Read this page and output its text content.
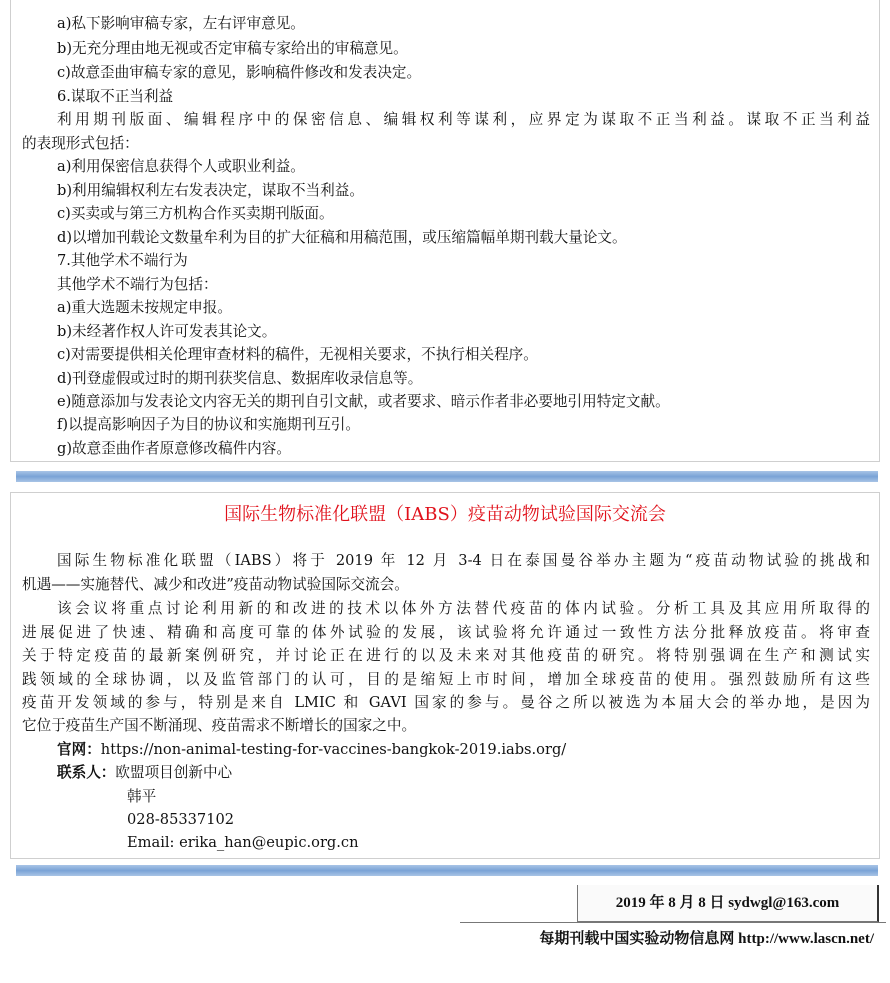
a)私下影响审稿专家，左右评审意见。
b)无充分理由地无视或否定审稿专家给出的审稿意见。
c)故意歪曲审稿专家的意见，影响稿件修改和发表决定。
6.谋取不正当利益
利用期刊版面、编辑程序中的保密信息、编辑权利等谋利，应界定为谋取不正当利益。谋取不正当利益
的表现形式包括：
a)利用保密信息获得个人或职业利益。
b)利用编辑权利左右发表决定，谋取不当利益。
c)买卖或与第三方机构合作买卖期刊版面。
d)以增加刊载论文数量牟利为目的扩大征稿和用稿范围，或压缩篇幅单期刊载大量论文。
7.其他学术不端行为
其他学术不端行为包括：
a)重大选题未按规定申报。
b)未经著作权人许可发表其论文。
c)对需要提供相关伦理审查材料的稿件，无视相关要求，不执行相关程序。
d)刊登虚假或过时的期刊获奖信息、数据库收录信息等。
e)随意添加与发表论文内容无关的期刊自引文献，或者要求、暗示作者非必要地引用特定文献。
f)以提高影响因子为目的协议和实施期刊互引。
g)故意歪曲作者原意修改稿件内容。
国际生物标准化联盟（IABS）疫苗动物试验国际交流会
国际生物标准化联盟（IABS）将于 2019 年 12 月 3-4 日在泰国曼谷举办主题为“疫苗动物试验的挑战和
机遇——实施替代、减少和改进”疫苗动物试验国际交流会。
该会议将重点讨论利用新的和改进的技术以体外方法替代疫苗的体内试验。分析工具及其应用所取得的
进展促进了快速、精确和高度可靠的体外试验的发展，该试验将允许通过一致性方法分批释放疫苗。将审查
关于特定疫苗的最新案例研究，并讨论正在进行的以及未来对其他疫苗的研究。将特别强调在生产和测试实
践领域的全球协调，以及监管部门的认可，目的是缩短上市时间，增加全球疫苗的使用。强烈鼓励所有这些
疫苗开发领域的参与，特别是来自 LMIC 和 GAVI 国家的参与。曼谷之所以被选为本届大会的举办地，是因为
它位于疫苗生产国不断涌现、疫苗需求不断增长的国家之中。
官网：https://non-animal-testing-for-vaccines-bangkok-2019.iabs.org/
联系人：欧盟项目创新中心
韩平
028-85337102
Email: erika_han@eupic.org.cn
2019 年 8 月 8 日 sydwgl@163.com
每期刊载中国实验动物信息网 http://www.lascn.net/
